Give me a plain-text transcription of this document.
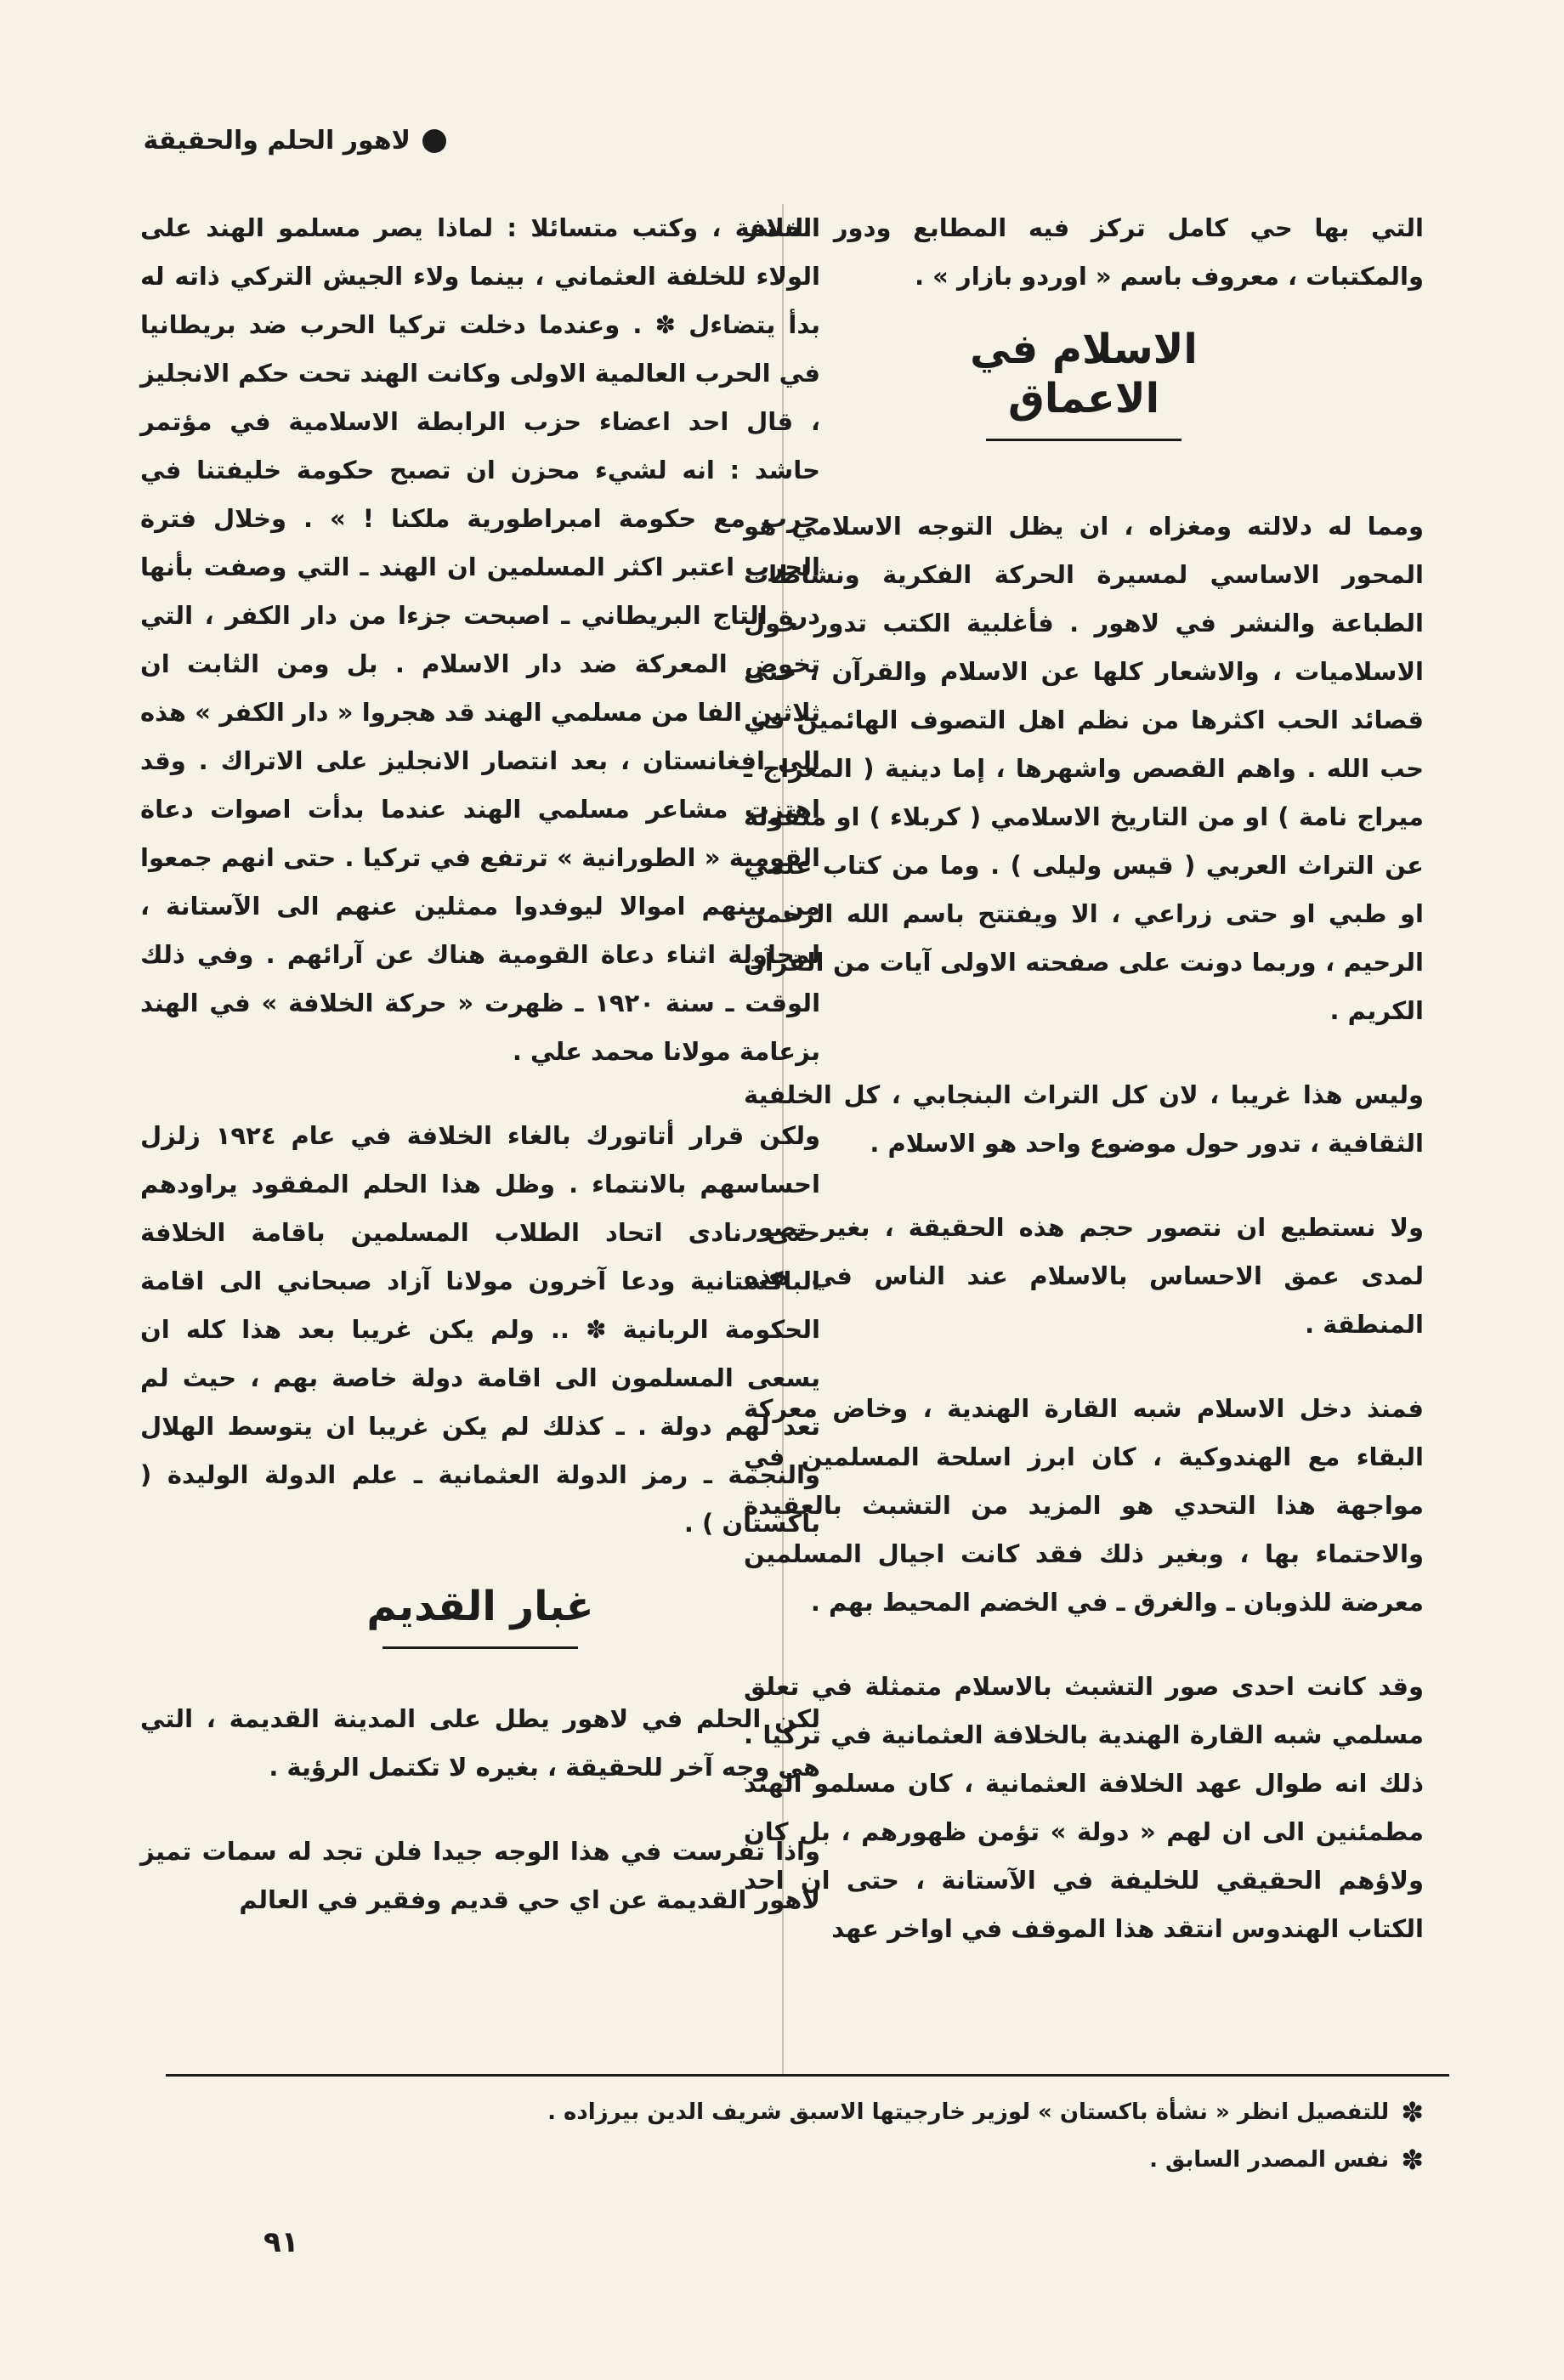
لاهور الحلم والحقيقة

التي بها حي كامل تركز فيه المطابع ودور النشر والمكتبات ، معروف باسم « اوردو بازار » .

الاسلام في الاعماق

ومما له دلالته ومغزاه ، ان يظل التوجه الاسلامي هو المحور الاساسي لمسيرة الحركة الفكرية ونشاطات الطباعة والنشر في لاهور . فأغلبية الكتب تدور حول الاسلاميات ، والاشعار كلها عن الاسلام والقرآن ، حتى قصائد الحب اكثرها من نظم اهل التصوف الهائمين في حب الله . واهم القصص واشهرها ، إما دينية ( المعراج ـ ميراج نامة ) او من التاريخ الاسلامي ( كربلاء ) او منقولة عن التراث العربي ( قيس وليلى ) . وما من كتاب علمي او طبي او حتى زراعي ، الا ويفتتح باسم الله الرحمن الرحيم ، وربما دونت على صفحته الاولى آيات من القرآن الكريم .

وليس هذا غريبا ، لان كل التراث البنجابي ، كل الخلفية الثقافية ، تدور حول موضوع واحد هو الاسلام .

ولا نستطيع ان نتصور حجم هذه الحقيقة ، بغير تصور لمدى عمق الاحساس بالاسلام عند الناس في هذه المنطقة .

فمنذ دخل الاسلام شبه القارة الهندية ، وخاض معركة البقاء مع الهندوكية ، كان ابرز اسلحة المسلمين في مواجهة هذا التحدي هو المزيد من التشبث بالعقيدة والاحتماء بها ، وبغير ذلك فقد كانت اجيال المسلمين معرضة للذوبان ـ والغرق ـ في الخضم المحيط بهم .

وقد كانت احدى صور التشبث بالاسلام متمثلة في تعلق مسلمي شبه القارة الهندية بالخلافة العثمانية في تركيا . ذلك انه طوال عهد الخلافة العثمانية ، كان مسلمو الهند مطمئنين الى ان لهم « دولة » تؤمن ظهورهم ، بل كان ولاؤهم الحقيقي للخليفة في الآستانة ، حتى ان احد الكتاب الهندوس انتقد هذا الموقف في اواخر عهد

الخلافة ، وكتب متسائلا : لماذا يصر مسلمو الهند على الولاء للخلفة العثماني ، بينما ولاء الجيش التركي ذاته له بدأ يتضاءل ✽ . وعندما دخلت تركيا الحرب ضد بريطانيا في الحرب العالمية الاولى وكانت الهند تحت حكم الانجليز ، قال احد اعضاء حزب الرابطة الاسلامية في مؤتمر حاشد : انه لشيء محزن ان تصبح حكومة خليفتنا في حرب مع حكومة امبراطورية ملكنا ! » . وخلال فترة الحرب اعتبر اكثر المسلمين ان الهند ـ التي وصفت بأنها درة التاج البريطاني ـ اصبحت جزءا من دار الكفر ، التي تخوض المعركة ضد دار الاسلام . بل ومن الثابت ان ثلاثين الفا من مسلمي الهند قد هجروا « دار الكفر » هذه الى افغانستان ، بعد انتصار الانجليز على الاتراك . وقد اهتزت مشاعر مسلمي الهند عندما بدأت اصوات دعاة القومية « الطورانية » ترتفع في تركيا . حتى انهم جمعوا من بينهم اموالا ليوفدوا ممثلين عنهم الى الآستانة ، لمحاولة اثناء دعاة القومية هناك عن آرائهم . وفي ذلك الوقت ـ سنة ١٩٢٠ ـ ظهرت « حركة الخلافة » في الهند بزعامة مولانا محمد علي .

ولكن قرار أتاتورك بالغاء الخلافة في عام ١٩٢٤ زلزل احساسهم بالانتماء . وظل هذا الحلم المفقود يراودهم حتى نادى اتحاد الطلاب المسلمين باقامة الخلافة الباكستانية ودعا آخرون مولانا آزاد صبحاني الى اقامة الحكومة الربانية ✽ .. ولم يكن غريبا بعد هذا كله ان يسعى المسلمون الى اقامة دولة خاصة بهم ، حيث لم تعد لهم دولة . ـ كذلك لم يكن غريبا ان يتوسط الهلال والنجمة ـ رمز الدولة العثمانية ـ علم الدولة الوليدة ( باكستان ) .

غبار القديم

لكن الحلم في لاهور يطل على المدينة القديمة ، التي هي وجه آخر للحقيقة ، بغيره لا تكتمل الرؤية .

واذا تفرست في هذا الوجه جيدا فلن تجد له سمات تميز لاهور القديمة عن اي حي قديم وفقير في العالم

✽
للتفصيل انظر « نشأة باكستان » لوزير خارجيتها الاسبق شريف الدين بيرزاده .
✽
نفس المصدر السابق .
٩١
